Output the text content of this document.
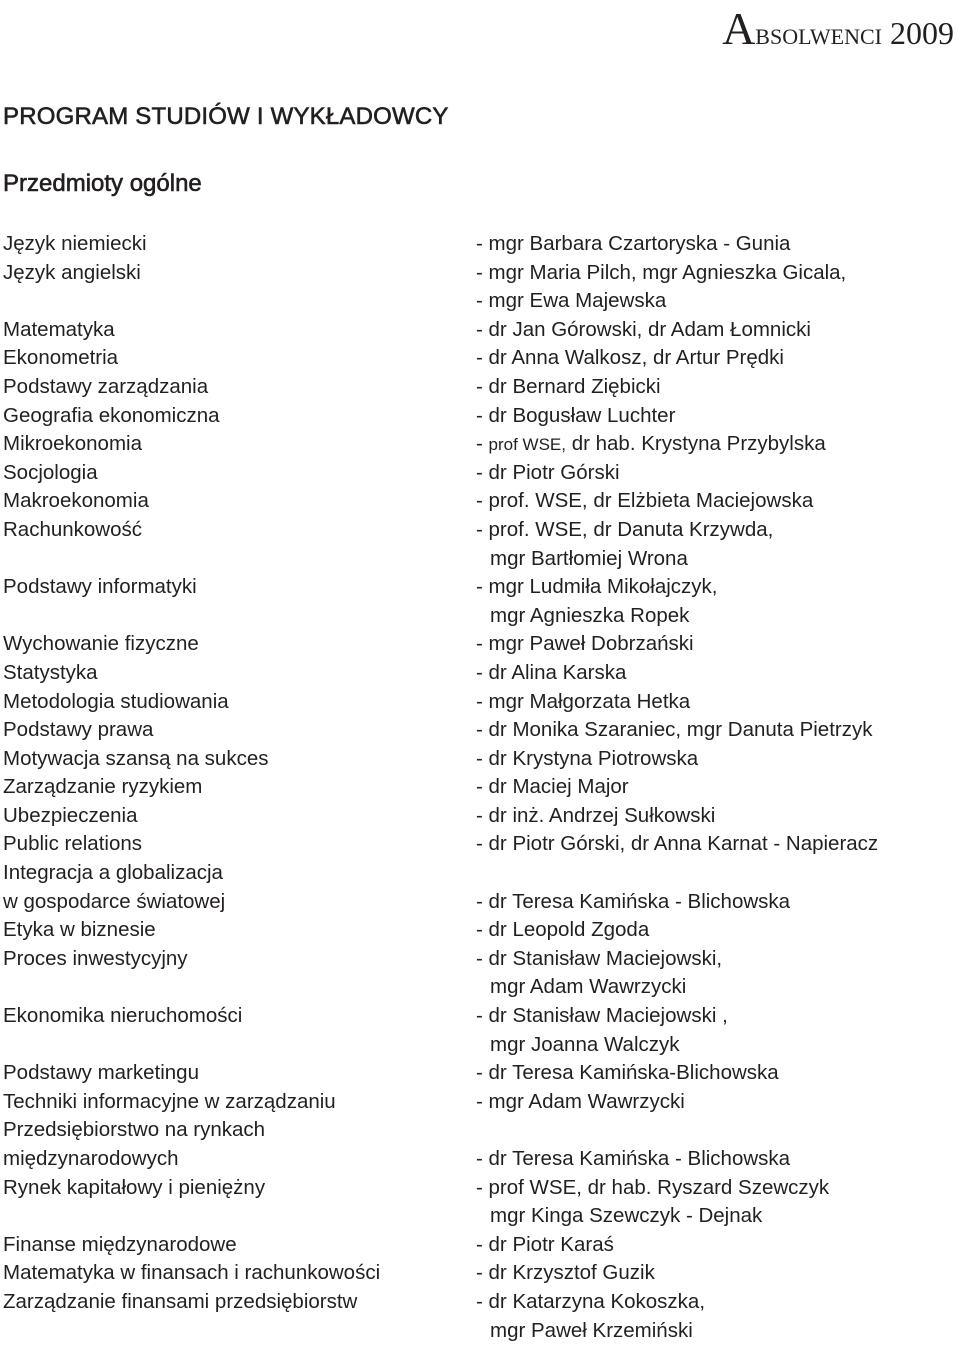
Absolwenci 2009
PROGRAM STUDIÓW I WYKŁADOWCY
Przedmioty ogólne
Język niemiecki	- mgr Barbara Czartoryska - Gunia
Język angielski	- mgr Maria Pilch, mgr Agnieszka Gicala,
- mgr Ewa Majewska
Matematyka	- dr Jan Górowski, dr Adam Łomnicki
Ekonometria	- dr Anna Walkosz, dr Artur Prędki
Podstawy zarządzania	- dr Bernard Ziębicki
Geografia ekonomiczna	- dr Bogusław Luchter
Mikroekonomia	- prof WSE, dr hab. Krystyna Przybylska
Socjologia	- dr Piotr Górski
Makroekonomia	- prof. WSE, dr Elżbieta Maciejowska
Rachunkowość	- prof. WSE, dr Danuta Krzywda,
mgr Bartłomiej Wrona
Podstawy informatyki	- mgr Ludmiła Mikołajczyk,
mgr Agnieszka Ropek
Wychowanie fizyczne	- mgr Paweł Dobrzański
Statystyka	- dr Alina Karska
Metodologia studiowania	- mgr Małgorzata Hetka
Podstawy prawa	- dr Monika Szaraniec, mgr Danuta Pietrzyk
Motywacja szansą na sukces	- dr Krystyna Piotrowska
Zarządzanie ryzykiem	- dr Maciej Major
Ubezpieczenia	- dr inż. Andrzej Sułkowski
Public relations	- dr Piotr Górski, dr Anna Karnat - Napieracz
Integracja a globalizacja
w gospodarce światowej	- dr Teresa Kamińska - Blichowska
Etyka w biznesie	- dr Leopold Zgoda
Proces inwestycyjny	- dr Stanisław Maciejowski,
mgr Adam Wawrzycki
Ekonomika nieruchomości	- dr Stanisław Maciejowski ,
mgr Joanna Walczyk
Podstawy marketingu	- dr Teresa Kamińska-Blichowska
Techniki informacyjne w zarządzaniu	- mgr Adam Wawrzycki
Przedsiębiorstwo na rynkach
międzynarodowych	- dr Teresa Kamińska - Blichowska
Rynek kapitałowy i pieniężny	- prof WSE, dr hab. Ryszard Szewczyk
mgr Kinga Szewczyk - Dejnak
Finanse międzynarodowe	- dr Piotr Karaś
Matematyka w finansach i rachunkowości	- dr Krzysztof Guzik
Zarządzanie finansami przedsiębiorstw	- dr Katarzyna Kokoszka,
mgr Paweł Krzemiński
